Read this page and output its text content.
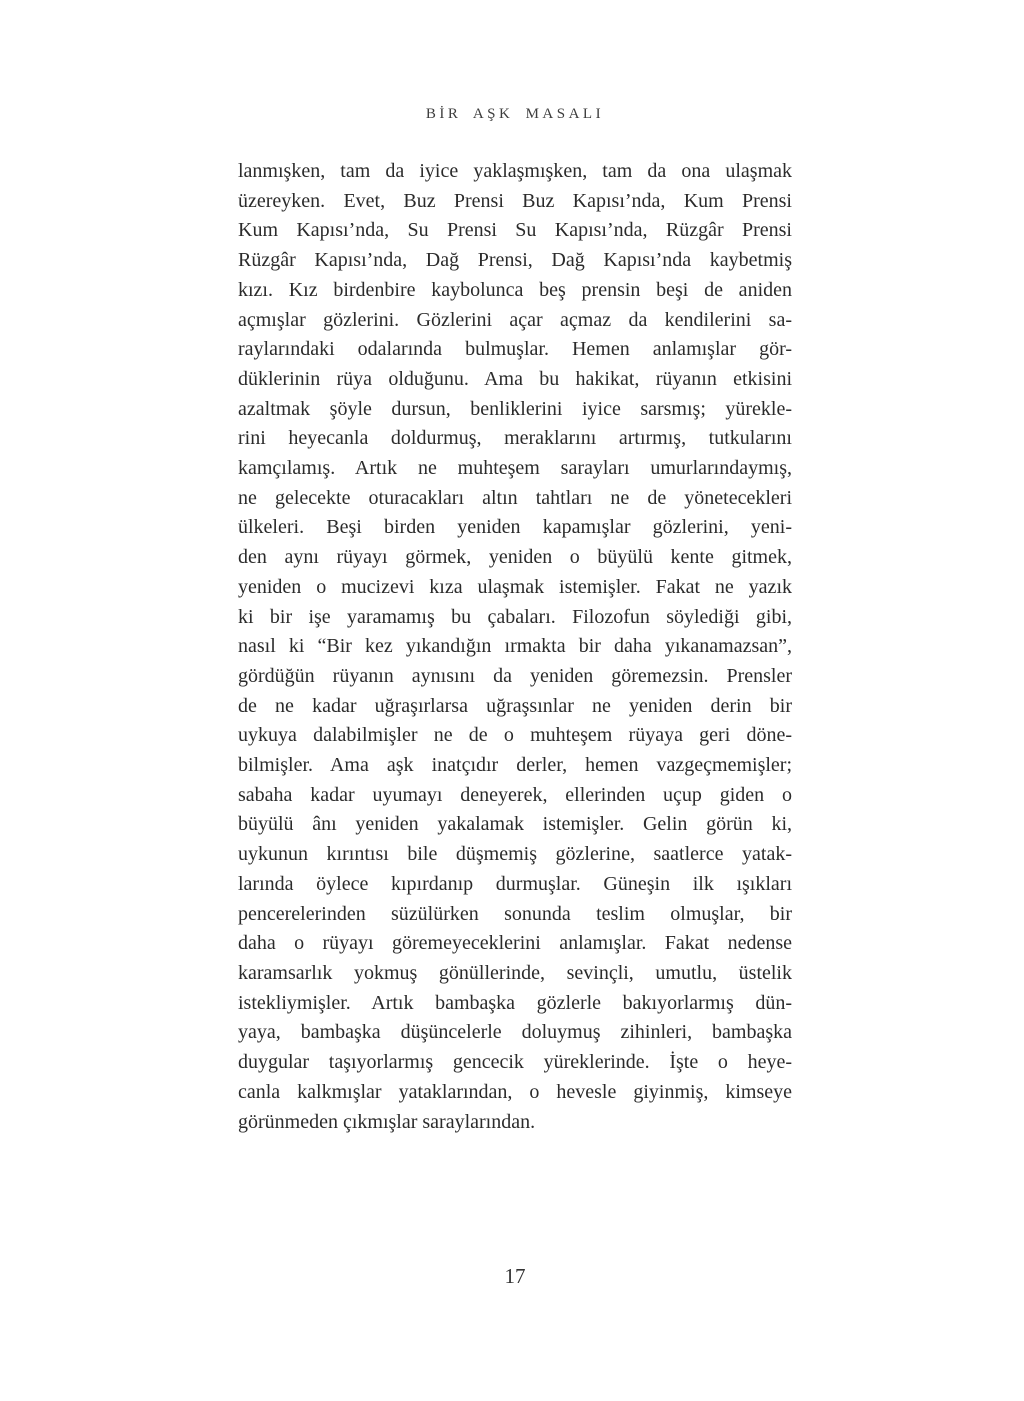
BİR AŞK MASALI
lanmışken, tam da iyice yaklaşmışken, tam da ona ulaşmak
üzereyken. Evet, Buz Prensi Buz Kapısı’nda, Kum Prensi
Kum Kapısı’nda, Su Prensi Su Kapısı’nda, Rüzgâr Prensi
Rüzgâr Kapısı’nda, Dağ Prensi, Dağ Kapısı’nda kaybetmiş
kızı. Kız birdenbire kaybolunca beş prensin beşi de aniden
açmışlar gözlerini. Gözlerini açar açmaz da kendilerini sa-
raylarındaki odalarında bulmuşlar. Hemen anlamışlar gör-
düklerinin rüya olduğunu. Ama bu hakikat, rüyanın etkisini
azaltmak şöyle dursun, benliklerini iyice sarsmış; yürekle-
rini heyecanla doldurmuş, meraklarını artırmış, tutkularını
kamçılamış. Artık ne muhteşem sarayları umurlarındaymış,
ne gelecekte oturacakları altın tahtları ne de yönetecekleri
ülkeleri. Beşi birden yeniden kapamışlar gözlerini, yeni-
den aynı rüyayı görmek, yeniden o büyülü kente gitmek,
yeniden o mucizevi kıza ulaşmak istemişler. Fakat ne yazık
ki bir işe yaramamış bu çabaları. Filozofun söylediği gibi,
nasıl ki “Bir kez yıkandığın ırmakta bir daha yıkanamazsan”,
gördüğün rüyanın aynısını da yeniden göremezsin. Prensler
de ne kadar uğraşırlarsa uğraşsınlar ne yeniden derin bir
uykuya dalabilmişler ne de o muhteşem rüyaya geri döne-
bilmişler. Ama aşk inatçıdır derler, hemen vazgeçmemişler;
sabaha kadar uyumayı deneyerek, ellerinden uçup giden o
büyülü ânı yeniden yakalamak istemişler. Gelin görün ki,
uykunun kırıntısı bile düşmemiş gözlerine, saatlerce yatak-
larında öylece kıpırdanıp durmuşlar. Güneşin ilk ışıkları
pencerelerinden süzülürken sonunda teslim olmuşlar, bir
daha o rüyayı göremeyeceklerini anlamışlar. Fakat nedense
karamsarlık yokmuş gönüllerinde, sevinçli, umutlu, üstelik
istekliymişler. Artık bambaşka gözlerle bakıyorlarmış dün-
yaya, bambaşka düşüncelerle doluymuş zihinleri, bambaşka
duygular taşıyorlarmış gencecik yüreklerinde. İşte o heye-
canla kalkmışlar yataklarından, o hevesle giyinmiş, kimseye
görünmeden çıkmışlar saraylarından.
17
